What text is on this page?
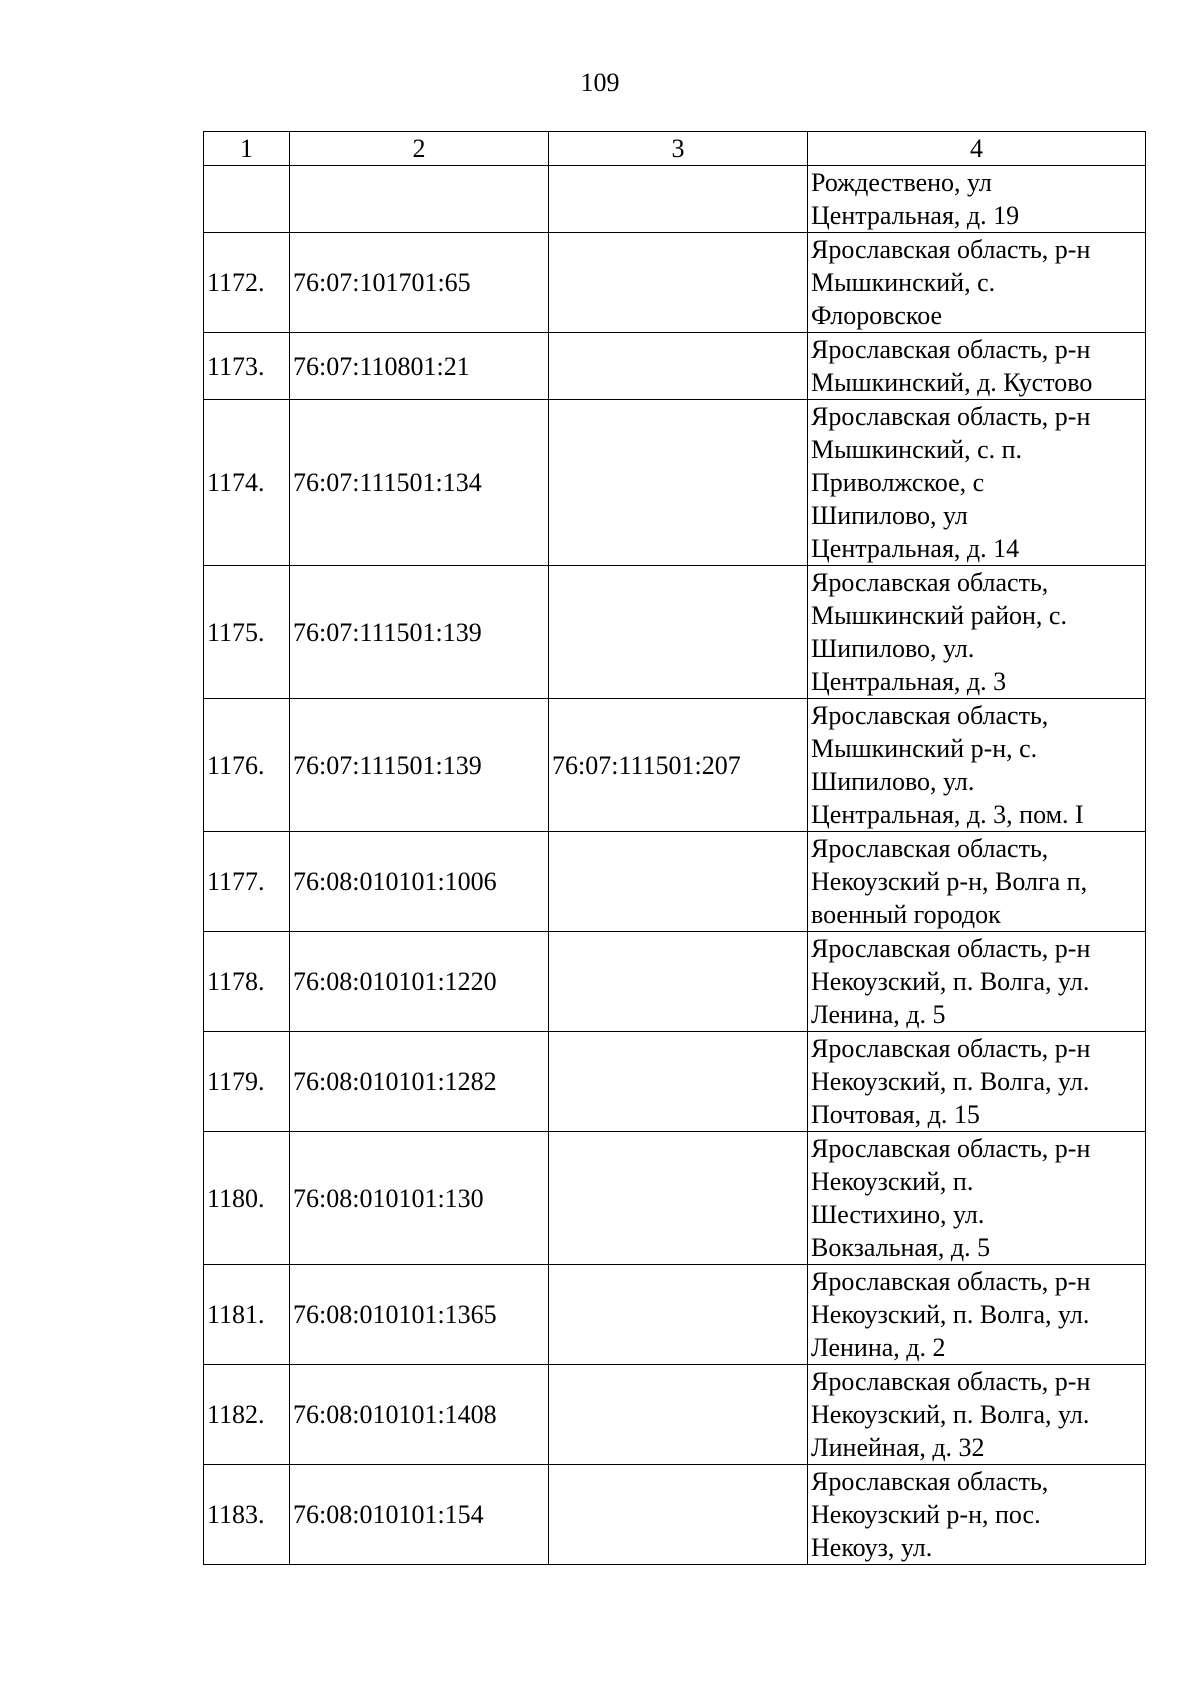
109
1	2	3	4

			Рождествено, ул
Центральная, д. 19

1172.	76:07:101701:65		Ярославская область, р-н
Мышкинский, с.
Флоровское

1173.	76:07:110801:21		Ярославская область, р-н
Мышкинский, д. Кустово

1174.	76:07:111501:134		Ярославская область, р-н
Мышкинский, с. п.
Приволжское, с
Шипилово, ул
Центральная, д. 14

1175.	76:07:111501:139		Ярославская область,
Мышкинский район, с.
Шипилово, ул.
Центральная, д. 3

1176.	76:07:111501:139	76:07:111501:207	Ярославская область,
Мышкинский р-н, с.
Шипилово, ул.
Центральная, д. 3, пом. I

1177.	76:08:010101:1006		Ярославская область,
Некоузский р-н, Волга п,
военный городок

1178.	76:08:010101:1220		Ярославская область, р-н
Некоузский, п. Волга, ул.
Ленина, д. 5

1179.	76:08:010101:1282		Ярославская область, р-н
Некоузский, п. Волга, ул.
Почтовая, д. 15

1180.	76:08:010101:130		Ярославская область, р-н
Некоузский, п.
Шестихино, ул.
Вокзальная, д. 5

1181.	76:08:010101:1365		Ярославская область, р-н
Некоузский, п. Волга, ул.
Ленина, д. 2

1182.	76:08:010101:1408		Ярославская область, р-н
Некоузский, п. Волга, ул.
Линейная, д. 32

1183.	76:08:010101:154		Ярославская область,
Некоузский р-н, пос.
Некоуз, ул.
